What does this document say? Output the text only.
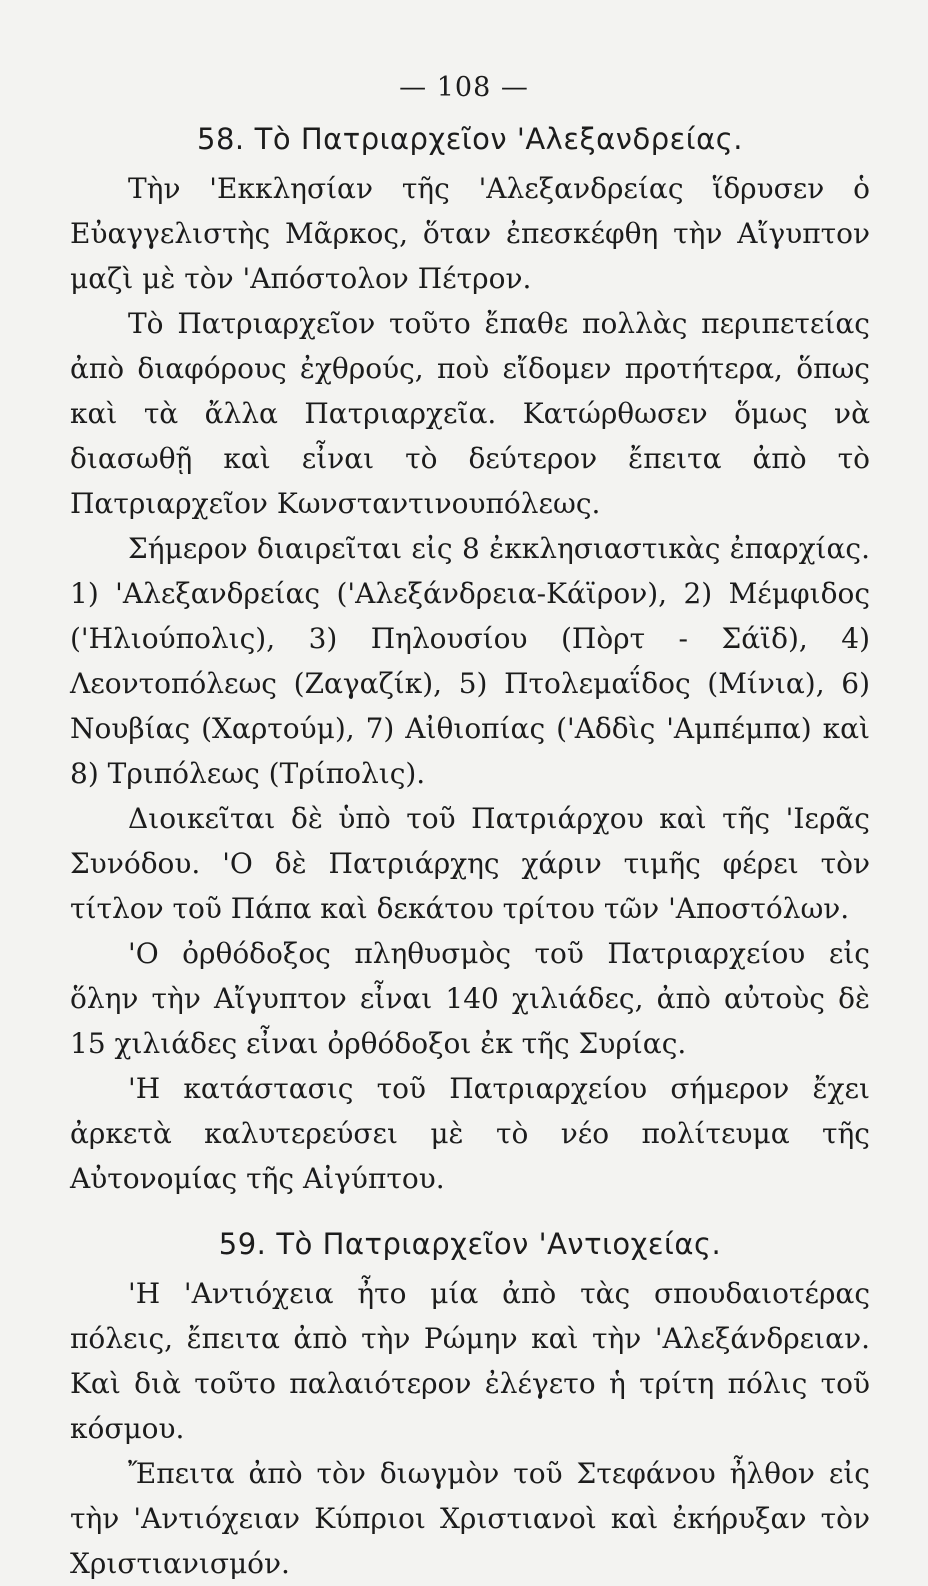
— 108 —
58. Τὸ Πατριαρχεῖον 'Αλεξανδρείας.

Τὴν 'Εκκλησίαν τῆς 'Αλεξανδρείας ἵδρυσεν ὁ Εὐαγγελιστὴς Μᾶρκος, ὅταν ἐπεσκέφθη τὴν Αἴγυπτον μαζὶ μὲ τὸν 'Απόστολον Πέτρον.

Τὸ Πατριαρχεῖον τοῦτο ἔπαθε πολλὰς περιπετείας ἀπὸ διαφόρους ἐχθρούς, ποὺ εἴδομεν προτήτερα, ὅπως καὶ τὰ ἄλλα Πατριαρχεῖα. Κατώρθωσεν ὅμως νὰ διασωθῇ καὶ εἶναι τὸ δεύτερον ἔπειτα ἀπὸ τὸ Πατριαρχεῖον Κωνσταντινουπόλεως.

Σήμερον διαιρεῖται εἰς 8 ἐκκλησιαστικὰς ἐπαρχίας. 1) 'Αλεξανδρείας ('Αλεξάνδρεια-Κάϊρον), 2) Μέμφιδος ('Ηλιούπολις), 3) Πηλουσίου (Πὸρτ - Σάϊδ), 4) Λεοντοπόλεως (Ζαγαζίκ), 5) Πτολεμαΐδος (Μίνια), 6) Νουβίας (Χαρτούμ), 7) Αἰθιοπίας ('Αδδὶς 'Αμπέμπα) καὶ 8) Τριπόλεως (Τρίπολις).

Διοικεῖται δὲ ὑπὸ τοῦ Πατριάρχου καὶ τῆς 'Ιερᾶς Συνόδου. 'Ο δὲ Πατριάρχης χάριν τιμῆς φέρει τὸν τίτλον τοῦ Πάπα καὶ δεκάτου τρίτου τῶν 'Αποστόλων.

'Ο ὀρθόδοξος πληθυσμὸς τοῦ Πατριαρχείου εἰς ὅλην τὴν Αἴγυπτον εἶναι 140 χιλιάδες, ἀπὸ αὐτοὺς δὲ 15 χιλιάδες εἶναι ὀρθόδοξοι ἐκ τῆς Συρίας.

'Η κατάστασις τοῦ Πατριαρχείου σήμερον ἔχει ἀρκετὰ καλυτερεύσει μὲ τὸ νέο πολίτευμα τῆς Αὐτονομίας τῆς Αἰγύπτου.

59. Τὸ Πατριαρχεῖον 'Αντιοχείας.

'Η 'Αντιόχεια ἦτο μία ἀπὸ τὰς σπουδαιοτέρας πόλεις, ἔπειτα ἀπὸ τὴν Ρώμην καὶ τὴν 'Αλεξάνδρειαν. Καὶ διὰ τοῦτο παλαιότερον ἐλέγετο ἡ τρίτη πόλις τοῦ κόσμου.

Ἔπειτα ἀπὸ τὸν διωγμὸν τοῦ Στεφάνου ἦλθον εἰς τὴν 'Αντιόχειαν Κύπριοι Χριστιανοὶ καὶ ἐκήρυξαν τὸν Χριστιανισμόν.
